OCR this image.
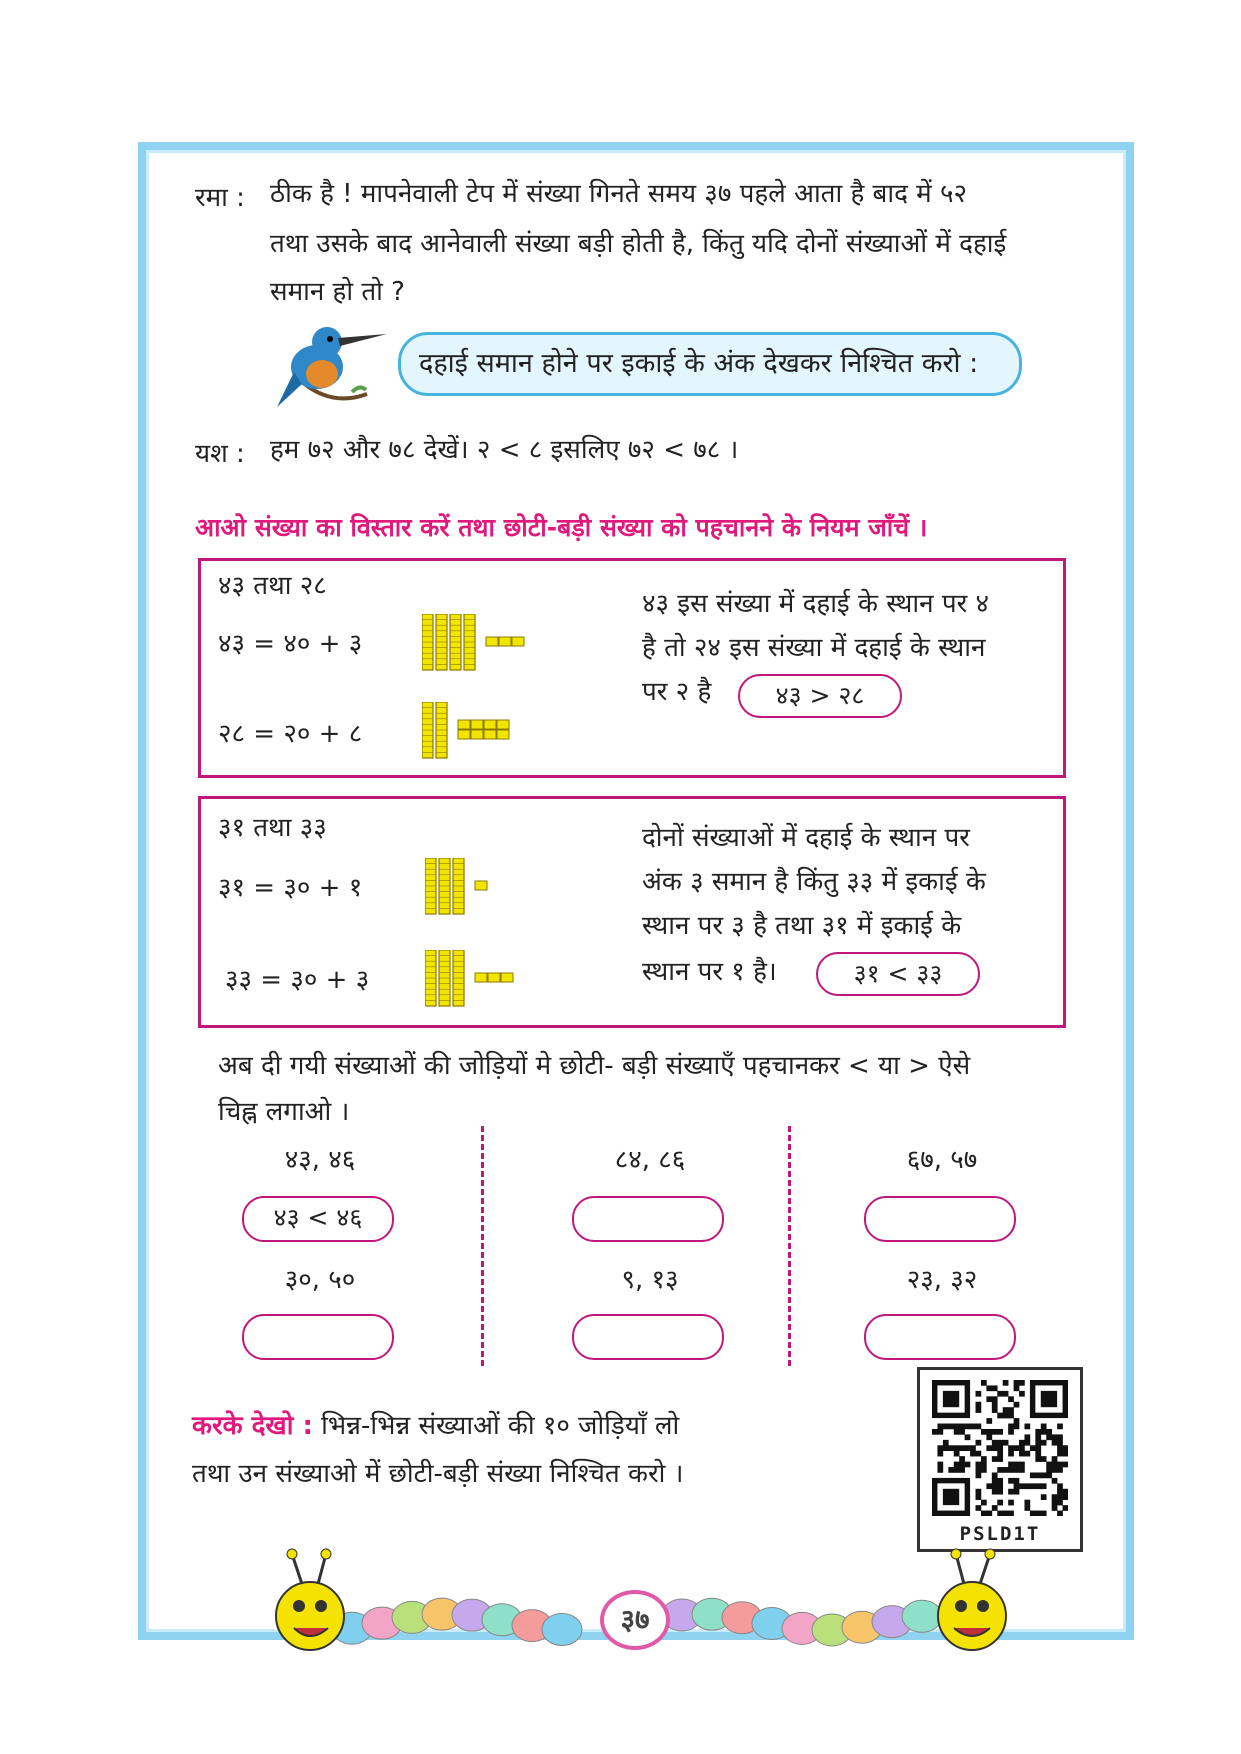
रमा : ठीक है ! मापनेवाली टेप में संख्या गिनते समय ३७ पहले आता है बाद में ५२
तथा उसके बाद आनेवाली संख्या बड़ी होती है, किंतु यदि दोनों संख्याओं में दहाई
समान हो तो ?
दहाई समान होने पर इकाई के अंक देखकर निश्चित करो :
यश : हम ७२ और ७८ देखें। २ < ८ इसलिए ७२ < ७८ ।
आओ संख्या का विस्तार करें तथा छोटी-बड़ी संख्या को पहचानने के नियम जाँचें ।
४३ तथा २८
४३ = ४० + ३
२८ = २० + ८
४३ इस संख्या में दहाई के स्थान पर ४
है तो २४ इस संख्या में दहाई के स्थान
पर २ है	४३ > २८
३१ तथा ३३
३१ = ३० + १
३३ = ३० + ३
दोनों संख्याओं में दहाई के स्थान पर
अंक ३ समान है किंतु ३३ में इकाई के
स्थान पर ३ है तथा ३१ में इकाई के
स्थान पर १ है।	३१ < ३३
अब दी गयी संख्याओं की जोड़ियों मे छोटी- बड़ी संख्याएँ पहचानकर < या > ऐसे
चिह्न लगाओ ।
४३, ४६	८४, ८६	६७, ५७
४३ < ४६
३०, ५०	९, १३	२३, ३२
करके देखो : भिन्न-भिन्न संख्याओं की १० जोड़ियाँ लो
तथा उन संख्याओ में छोटी-बड़ी संख्या निश्चित करो ।
PSLD1T
३७
